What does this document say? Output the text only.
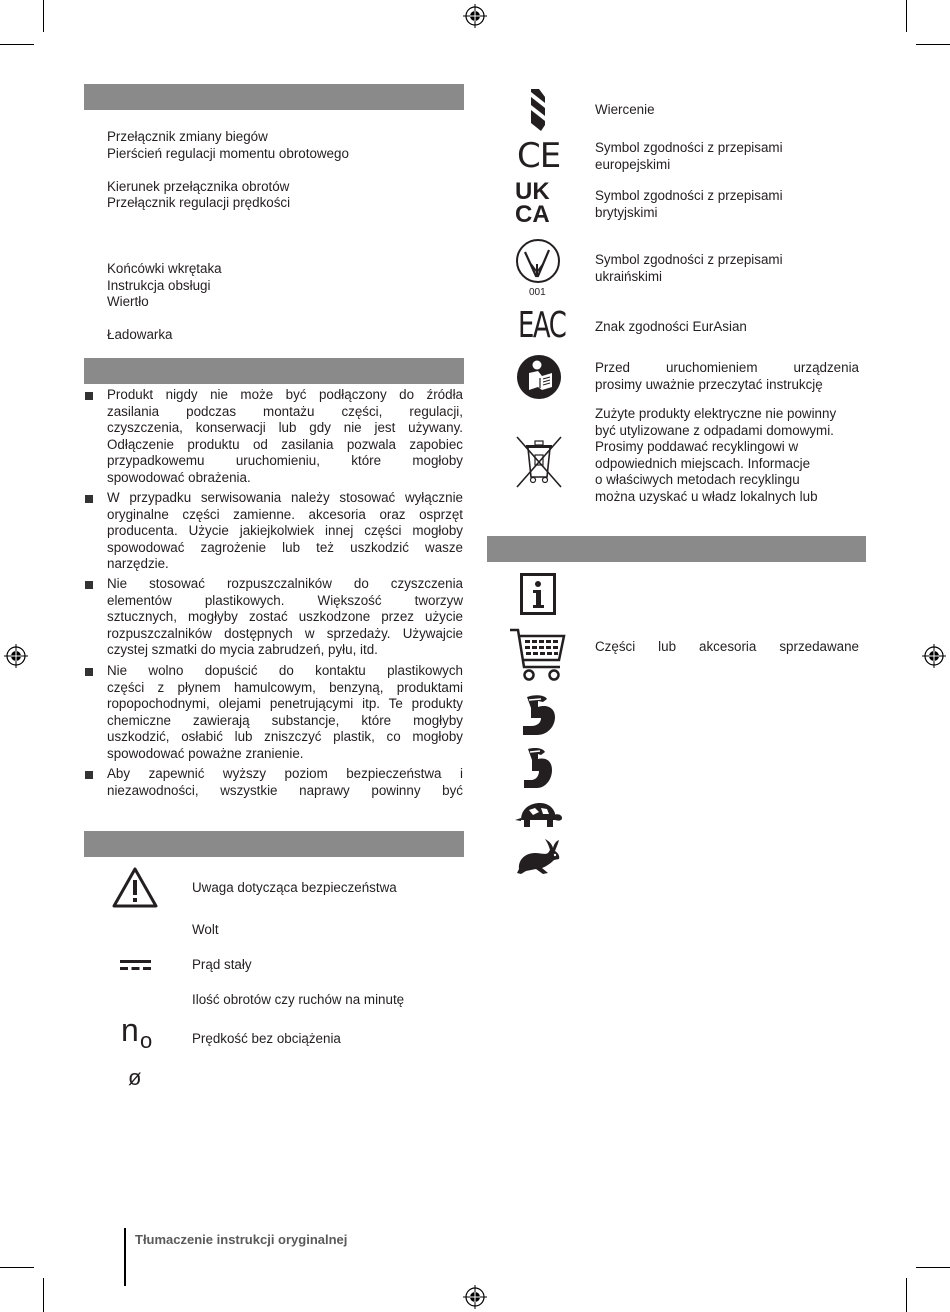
Przełącznik zmiany biegów
Pierścień regulacji momentu obrotowego
Kierunek przełącznika obrotów
Przełącznik regulacji prędkości
Końcówki wkrętaka
Instrukcja obsługi
Wiertło
Ładowarka
Produkt nigdy nie może być podłączony do źródła
zasilania podczas montażu części, regulacji,
czyszczenia, konserwacji lub gdy nie jest używany.
Odłączenie produktu od zasilania pozwala zapobiec
przypadkowemu uruchomieniu, które mogłoby
spowodować obrażenia.
W przypadku serwisowania należy stosować wyłącznie
oryginalne części zamienne. akcesoria oraz osprzęt
producenta. Użycie jakiejkolwiek innej części mogłoby
spowodować zagrożenie lub też uszkodzić wasze
narzędzie.
Nie stosować rozpuszczalników do czyszczenia
elementów plastikowych. Większość tworzyw
sztucznych, mogłyby zostać uszkodzone przez użycie
rozpuszczalników dostępnych w sprzedaży. Używajcie
czystej szmatki do mycia zabrudzeń, pyłu, itd.
Nie wolno dopuścić do kontaktu plastikowych
części z płynem hamulcowym, benzyną, produktami
ropopochodnymi, olejami penetrującymi itp. Te produkty
chemiczne zawierają substancje, które mogłyby
uszkodzić, osłabić lub zniszczyć plastik, co mogłoby
spowodować poważne zranienie.
Aby zapewnić wyższy poziom bezpieczeństwa i
niezawodności, wszystkie naprawy powinny być
Uwaga dotycząca bezpieczeństwa
Wolt
Prąd stały
Ilość obrotów czy ruchów na minutę
n o	Prędkość bez obciążenia
ø
Tłumaczenie instrukcji oryginalnej
Wiercenie
CE	Symbol zgodności z przepisami
europejskimi
UK
CA
Symbol zgodności z przepisami
brytyjskimi
001
Symbol zgodności z przepisami
ukraińskimi
EAC Znak zgodności EurAsian
Przed uruchomieniem urządzenia
prosimy uważnie przeczytać instrukcję
Zużyte produkty elektryczne nie powinny
być utylizowane z odpadami domowymi.
Prosimy poddawać recyklingowi w
odpowiednich miejscach. Informacje
o właściwych metodach recyklingu
można uzyskać u władz lokalnych lub
Części lub akcesoria sprzedawane
